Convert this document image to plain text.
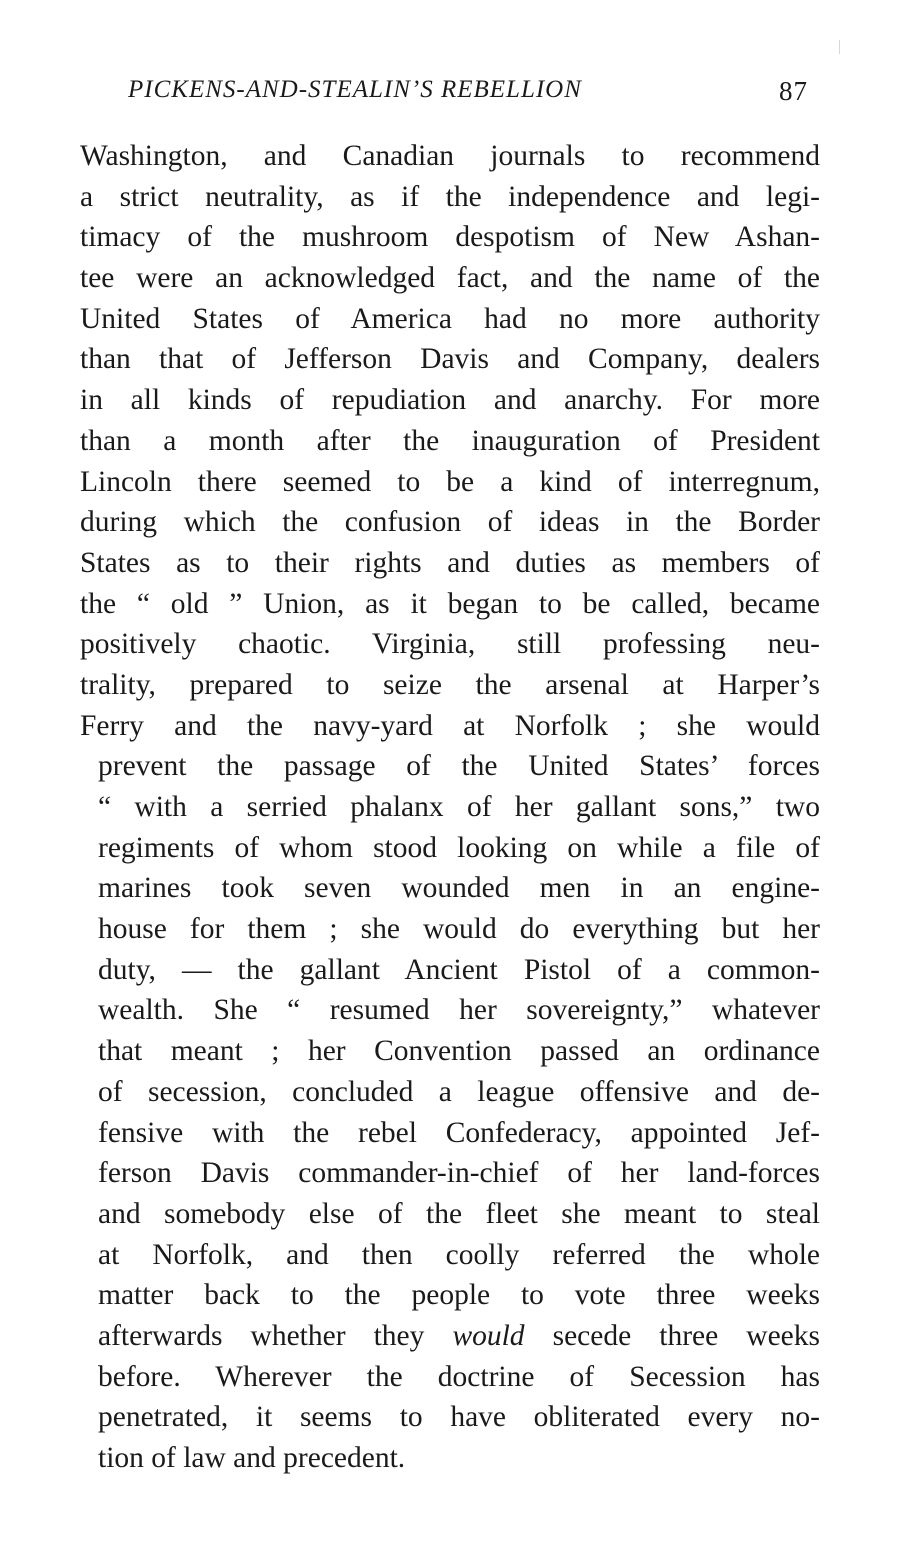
PICKENS-AND-STEALIN’S REBELLION	87
Washington, and Canadian journals to recommend
a strict neutrality, as if the independence and legi-
timacy of the mushroom despotism of New Ashan-
tee were an acknowledged fact, and the name of the
United States of America had no more authority
than that of Jefferson Davis and Company, dealers
in all kinds of repudiation and anarchy. For more
than a month after the inauguration of President
Lincoln there seemed to be a kind of interregnum,
during which the confusion of ideas in the Border
States as to their rights and duties as members of
the “ old ” Union, as it began to be called, became
positively chaotic. Virginia, still professing neu-
trality, prepared to seize the arsenal at Harper’s
Ferry and the navy-yard at Norfolk ; she would
prevent the passage of the United States’ forces
“ with a serried phalanx of her gallant sons,” two
regiments of whom stood looking on while a file of
marines took seven wounded men in an engine-
house for them ; she would do everything but her
duty, — the gallant Ancient Pistol of a common-
wealth. She “ resumed her sovereignty,” whatever
that meant ; her Convention passed an ordinance
of secession, concluded a league offensive and de-
fensive with the rebel Confederacy, appointed Jef-
ferson Davis commander-in-chief of her land-forces
and somebody else of the fleet she meant to steal
at Norfolk, and then coolly referred the whole
matter back to the people to vote three weeks
afterwards whether they would secede three weeks
before. Wherever the doctrine of Secession has
penetrated, it seems to have obliterated every no-
tion of law and precedent.
